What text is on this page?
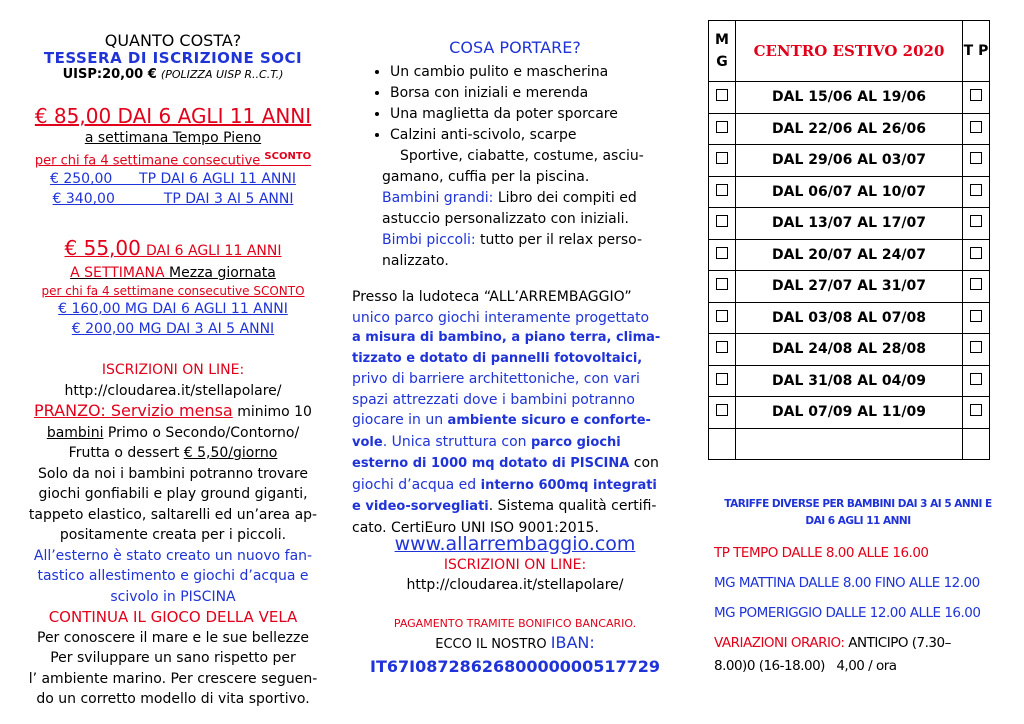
QUANTO COSTA?
TESSERA DI ISCRIZIONE SOCI
UISP:20,00 € (POLIZZA UISP R..C.T.)
€ 85,00 DAI 6 AGLI 11 ANNI
a settimana Tempo Pieno
per chi fa 4 settimane consecutive $^{SCONTO}$
€ 250,00      TP DAI 6 AGLI 11 ANNI
€ 340,00           TP DAI 3 AI 5 ANNI
€ 55,00 DAI 6 AGLI 11 ANNI
A SETTIMANA Mezza giornata
per chi fa 4 settimane consecutive SCONTO
€ 160,00 MG DAI 6 AGLI 11 ANNI
€ 200,00 MG DAI 3 AI 5 ANNI
ISCRIZIONI ON LINE:
http://cloudarea.it/stellapolare/
PRANZO: Servizio mensa minimo 10
bambini Primo o Secondo/Contorno/
Frutta o dessert € 5,50/giorno
Solo da noi i bambini potranno trovare
giochi gonfiabili e play ground giganti,
tappeto elastico, saltarelli ed un’area ap-
positamente creata per i piccoli.
All’esterno è stato creato un nuovo fan-
tastico allestimento e giochi d’acqua e
scivolo in PISCINA
CONTINUA IL GIOCO DELLA VELA
Per conoscere il mare e le sue bellezze
Per sviluppare un sano rispetto per
l’ ambiente marino. Per crescere seguen-
do un corretto modello di vita sportivo.
COSA PORTARE?
• Un cambio pulito e mascherina
• Borsa con iniziali e merenda
• Una maglietta da poter sporcare
• Calzini anti-scivolo, scarpe
Sportive, ciabatte, costume, asciu-
gamano, cuffia per la piscina.
Bambini grandi: Libro dei compiti ed
astuccio personalizzato con iniziali.
Bimbi piccoli: tutto per il relax perso-
nalizzato.
Presso la ludoteca “ALL’ARREMBAGGIO”
unico parco giochi interamente progettato
a misura di bambino, a piano terra, clima-
tizzato e dotato di pannelli fotovoltaici,
privo di barriere architettoniche, con vari
spazi attrezzati dove i bambini potranno
giocare in un ambiente sicuro e conforte-
vole. Unica struttura con parco giochi
esterno di 1000 mq dotato di PISCINA con
giochi d’acqua ed interno 600mq integrati
e video-sorvegliati. Sistema qualità certifi-
cato. CertiEuro UNI ISO 9001:2015.
www.allarrembaggio.com
ISCRIZIONI ON LINE:
http://cloudarea.it/stellapolare/
PAGAMENTO TRAMITE BONIFICO BANCARIO.
ECCO IL NOSTRO IBAN:
IT67I0872862680000000517729
M G	CENTRO ESTIVO 2020	T P
	DAL 15/06 AL 19/06	
	DAL 22/06 AL 26/06	
	DAL 29/06 AL 03/07	
	DAL 06/07 AL 10/07	
	DAL 13/07 AL 17/07	
	DAL 20/07 AL 24/07	
	DAL 27/07 AL 31/07	
	DAL 03/08 AL 07/08	
	DAL 24/08 AL 28/08	
	DAL 31/08 AL 04/09	
	DAL 07/09 AL 11/09	

TARIFFE DIVERSE PER BAMBINI DAI 3 AI 5 ANNI E
DAI 6 AGLI 11 ANNI
TP TEMPO DALLE 8.00 ALLE 16.00
MG MATTINA DALLE 8.00 FINO ALLE 12.00
MG POMERIGGIO DALLE 12.00 ALLE 16.00
VARIAZIONI ORARIO: ANTICIPO (7.30–
8.00)0 (16-18.00) 4,00 / ora
